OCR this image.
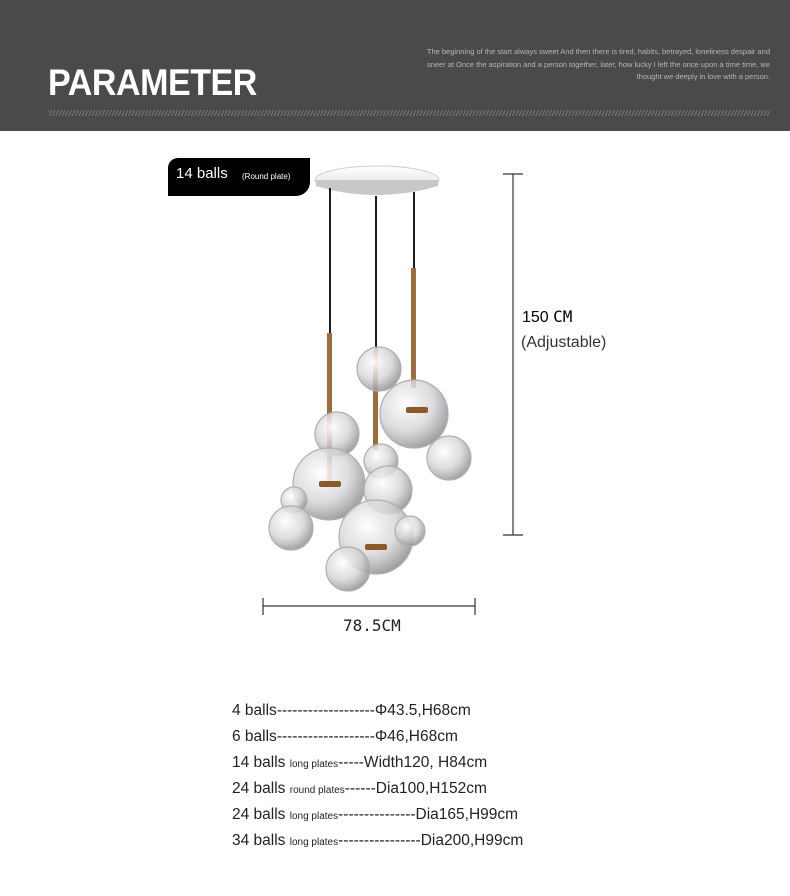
PARAMETER
The beginning of the start always sweet And then there is tired, habits, betrayed, loneliness despair and sneer at Once the aspiration and a person together, later, how lucky I left the once upon a time time, we thought we deeply in love with a person.
14 balls (Round plate)
150 CM
(Adjustable)
78.5CM
4 balls-------------------Φ43.5,H68cm
6 balls-------------------Φ46,H68cm
14 balls long plates-----Width120, H84cm
24 balls round plates------Dia100,H152cm
24 balls long plates---------------Dia165,H99cm
34 balls long plates----------------Dia200,H99cm
